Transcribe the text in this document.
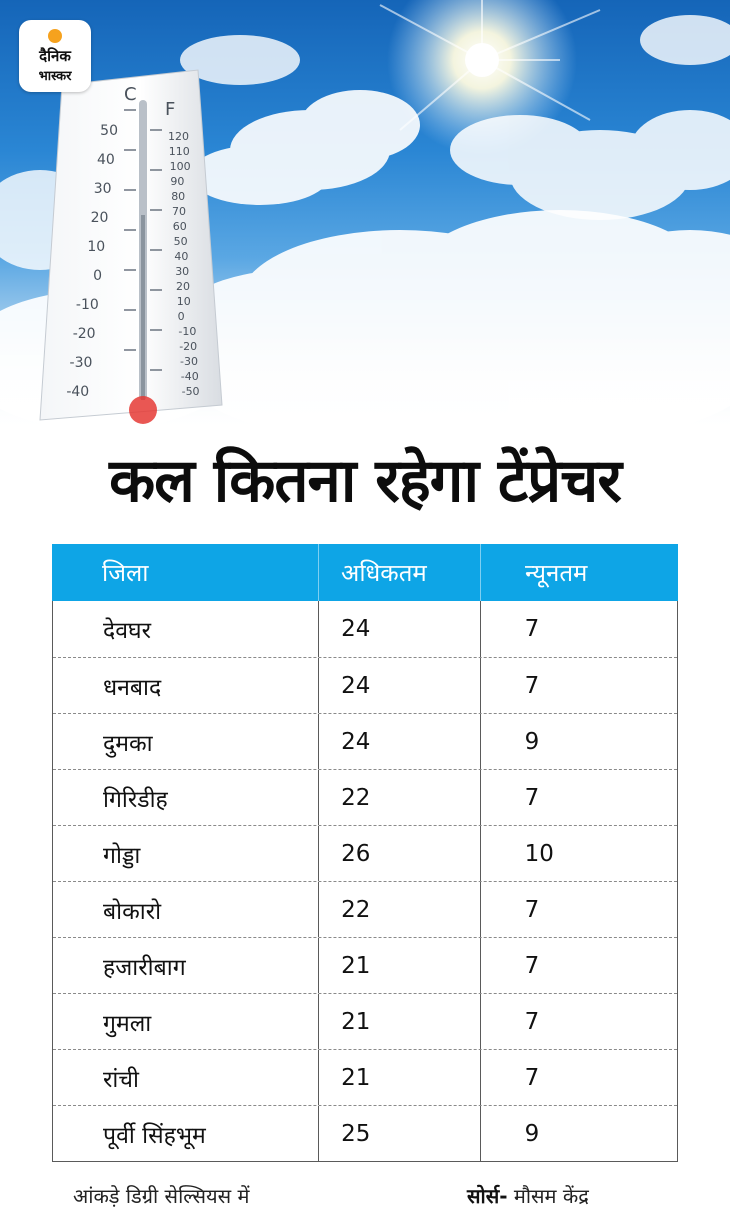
C
F
50
40
30
20
10
0
-10
-20
-30
-40
120
110
100
90
80
70
60
50
40
30
20
10
0
-10
-20
-30
-40
-50
दैनिक
भास्कर
कल कितना रहेगा टेंप्रेचर
जिला	अधिकतम	न्यूनतम
देवघर	24	7
धनबाद	24	7
दुमका	24	9
गिरिडीह	22	7
गोड्डा	26	10
बोकारो	22	7
हजारीबाग	21	7
गुमला	21	7
रांची	21	7
पूर्वी सिंहभूम	25	9
आंकड़े डिग्री सेल्सियस में	सोर्स- मौसम केंद्र
